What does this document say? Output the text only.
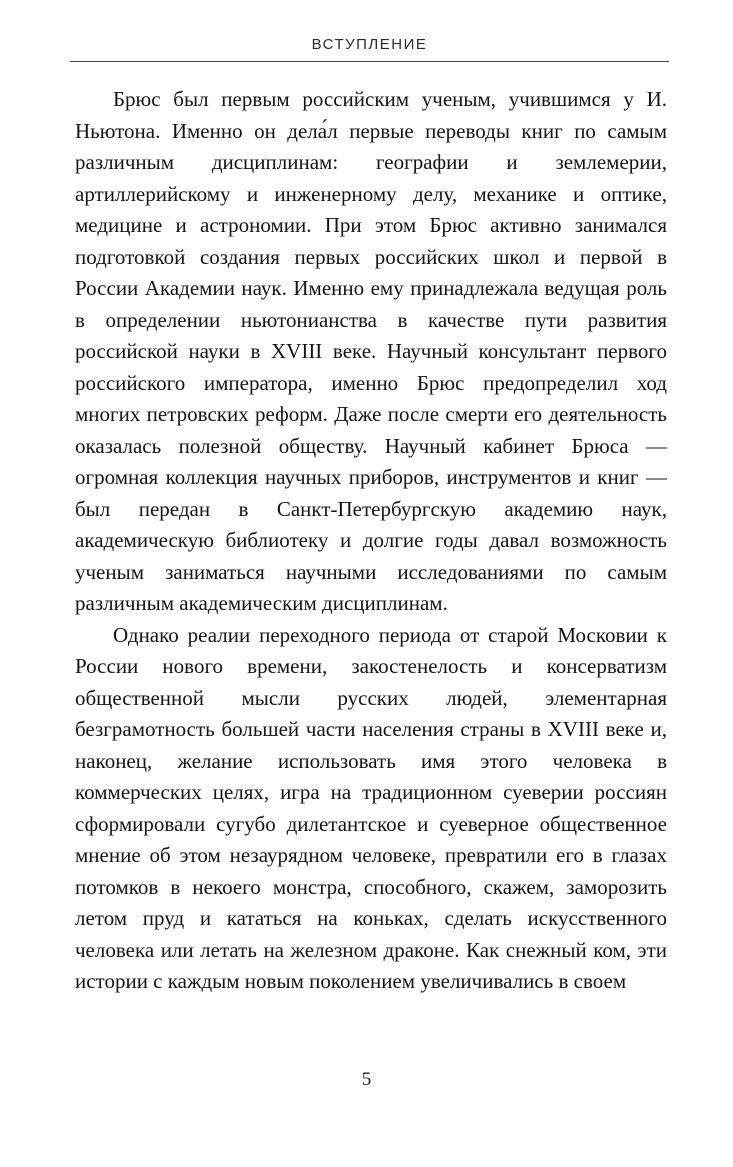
ВСТУПЛЕНИЕ

Брюс был первым российским ученым, учившимся у И. Ньютона. Именно он дела́л первые переводы книг по самым различным дисциплинам: географии и землемерии, артиллерийскому и инженерному делу, механике и оптике, медицине и астрономии. При этом Брюс активно занимался подготовкой создания первых российских школ и первой в России Академии наук. Именно ему принадлежала ведущая роль в определении ньютонианства в качестве пути развития российской науки в XVIII веке. Научный консультант первого российского императора, именно Брюс предопределил ход многих петровских реформ. Даже после смерти его деятельность оказалась полезной обществу. Научный кабинет Брюса — огромная коллекция научных приборов, инструментов и книг — был передан в Санкт-Петербургскую академию наук, академическую библиотеку и долгие годы давал возможность ученым заниматься научными исследованиями по самым различным академическим дисциплинам.

Однако реалии переходного периода от старой Московии к России нового времени, закостенелость и консерватизм общественной мысли русских людей, элементарная безграмотность большей части населения страны в XVIII веке и, наконец, желание использовать имя этого человека в коммерческих целях, игра на традиционном суеверии россиян сформировали сугубо дилетантское и суеверное общественное мнение об этом незаурядном человеке, превратили его в глазах потомков в некоего монстра, способного, скажем, заморозить летом пруд и кататься на коньках, сделать искусственного человека или летать на железном драконе. Как снежный ком, эти истории с каждым новым поколением увеличивались в своем

5
